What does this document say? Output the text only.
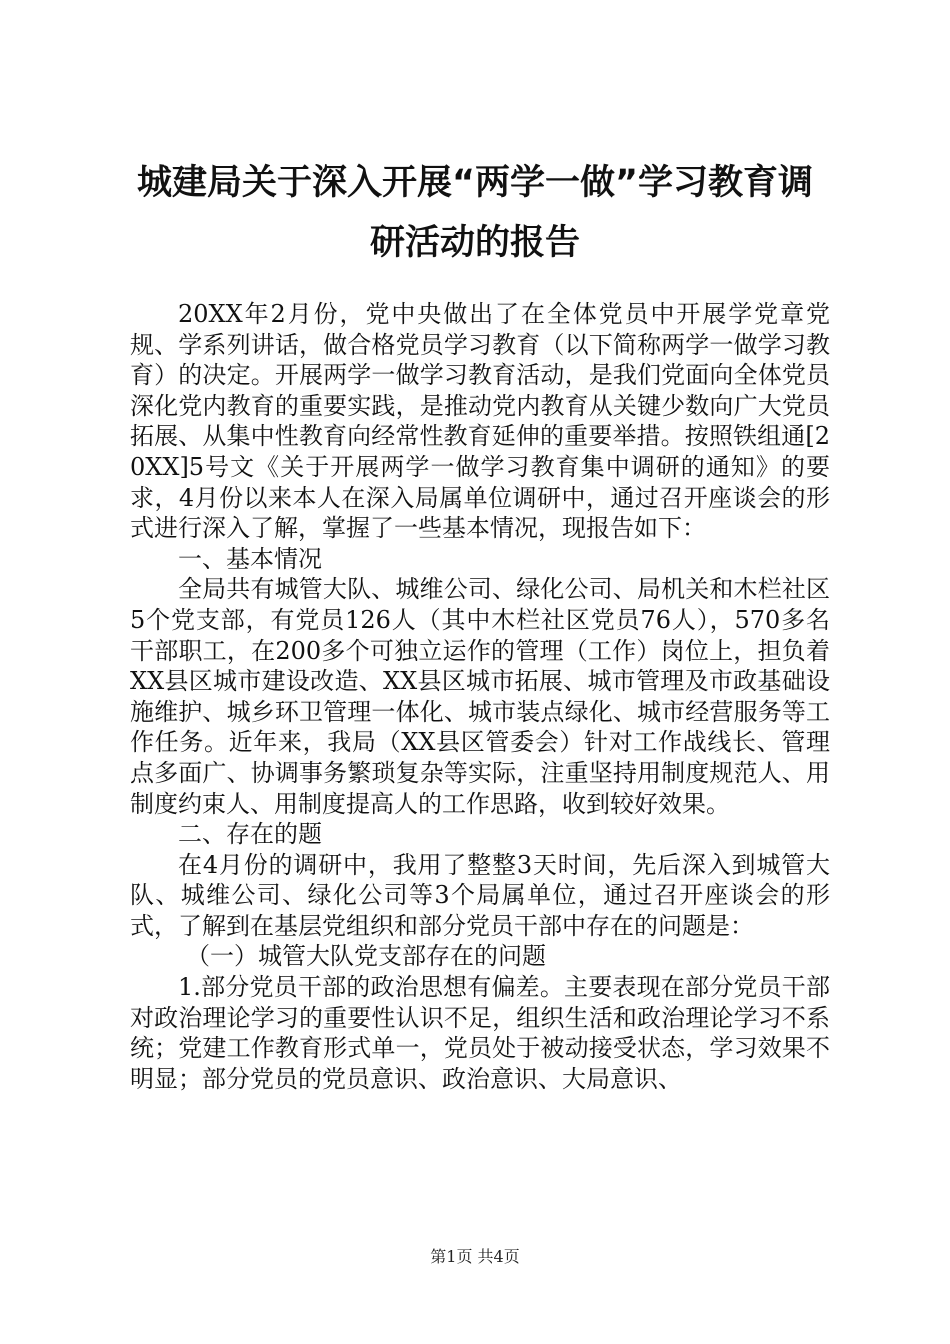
城建局关于深入开展“两学一做”学习教育调
研活动的报告

20XX年2月份，党中央做出了在全体党员中开展学党章党规、学系列讲话，做合格党员学习教育（以下简称两学一做学习教育）的决定。开展两学一做学习教育活动，是我们党面向全体党员深化党内教育的重要实践，是推动党内教育从关键少数向广大党员拓展、从集中性教育向经常性教育延伸的重要举措。按照铁组通[20XX]5号文《关于开展两学一做学习教育集中调研的通知》的要求，4月份以来本人在深入局属单位调研中，通过召开座谈会的形式进行深入了解，掌握了一些基本情况，现报告如下：

一、基本情况

全局共有城管大队、城维公司、绿化公司、局机关和木栏社区5个党支部，有党员126人（其中木栏社区党员76人），570多名干部职工，在200多个可独立运作的管理（工作）岗位上，担负着XX县区城市建设改造、XX县区城市拓展、城市管理及市政基础设施维护、城乡环卫管理一体化、城市装点绿化、城市经营服务等工作任务。近年来，我局（XX县区管委会）针对工作战线长、管理点多面广、协调事务繁琐复杂等实际，注重坚持用制度规范人、用制度约束人、用制度提高人的工作思路，收到较好效果。

二、存在的题

在4月份的调研中，我用了整整3天时间，先后深入到城管大队、城维公司、绿化公司等3个局属单位，通过召开座谈会的形式，了解到在基层党组织和部分党员干部中存在的问题是：

（一）城管大队党支部存在的问题

1.部分党员干部的政治思想有偏差。主要表现在部分党员干部对政治理论学习的重要性认识不足，组织生活和政治理论学习不系统；党建工作教育形式单一，党员处于被动接受状态，学习效果不明显；部分党员的党员意识、政治意识、大局意识、

第1页 共4页
